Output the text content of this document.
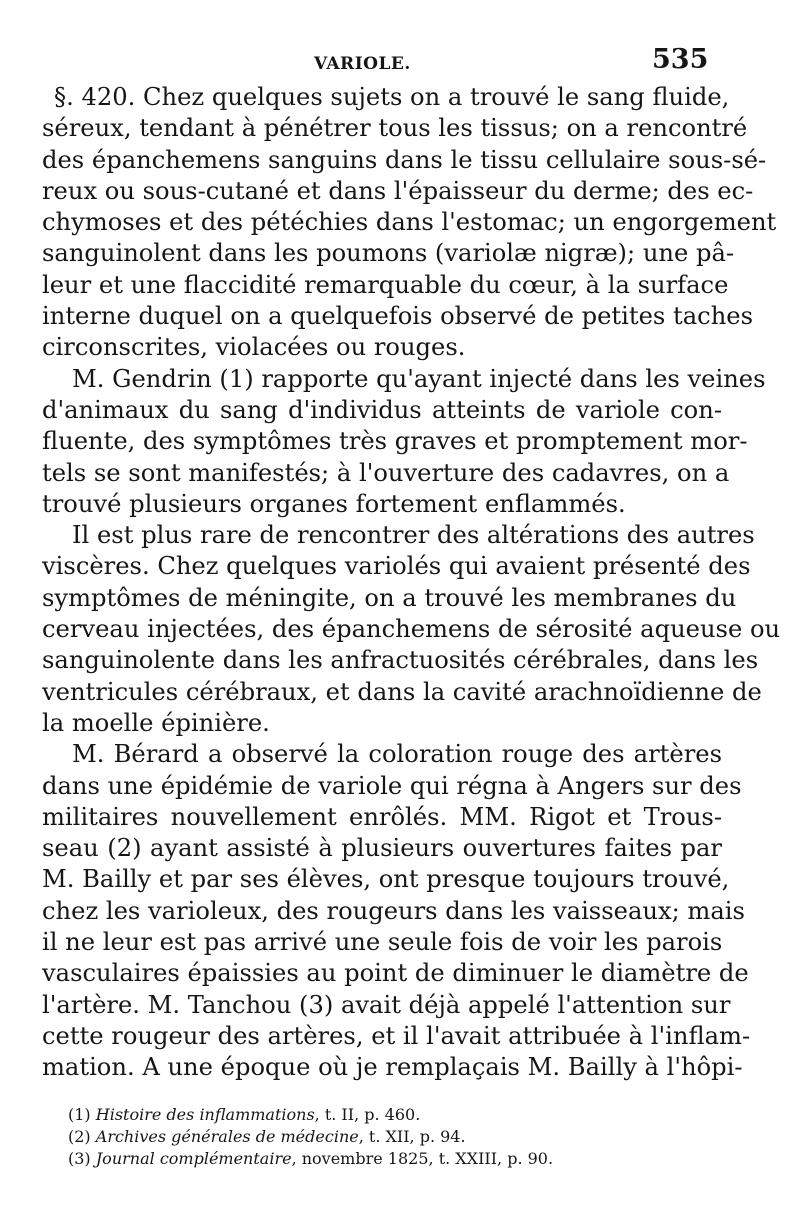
VARIOLE.	535
§. 420. Chez quelques sujets on a trouvé le sang fluide,
séreux, tendant à pénétrer tous les tissus; on a rencontré
des épanchemens sanguins dans le tissu cellulaire sous-sé-
reux ou sous-cutané et dans l'épaisseur du derme; des ec-
chymoses et des pétéchies dans l'estomac; un engorgement
sanguinolent dans les poumons (variolæ nigræ); une pâ-
leur et une flaccidité remarquable du cœur, à la surface
interne duquel on a quelquefois observé de petites taches
circonscrites, violacées ou rouges.
M. Gendrin (1) rapporte qu'ayant injecté dans les veines
d'animaux du sang d'individus atteints de variole con-
fluente, des symptômes très graves et promptement mor-
tels se sont manifestés; à l'ouverture des cadavres, on a
trouvé plusieurs organes fortement enflammés.
Il est plus rare de rencontrer des altérations des autres
viscères. Chez quelques variolés qui avaient présenté des
symptômes de méningite, on a trouvé les membranes du
cerveau injectées, des épanchemens de sérosité aqueuse ou
sanguinolente dans les anfractuosités cérébrales, dans les
ventricules cérébraux, et dans la cavité arachnoïdienne de
la moelle épinière.
M. Bérard a observé la coloration rouge des artères
dans une épidémie de variole qui régna à Angers sur des
militaires nouvellement enrôlés. MM. Rigot et Trous-
seau (2) ayant assisté à plusieurs ouvertures faites par
M. Bailly et par ses élèves, ont presque toujours trouvé,
chez les varioleux, des rougeurs dans les vaisseaux; mais
il ne leur est pas arrivé une seule fois de voir les parois
vasculaires épaissies au point de diminuer le diamètre de
l'artère. M. Tanchou (3) avait déjà appelé l'attention sur
cette rougeur des artères, et il l'avait attribuée à l'inflam-
mation. A une époque où je remplaçais M. Bailly à l'hôpi-
(1) Histoire des inflammations, t. II, p. 460.
(2) Archives générales de médecine, t. XII, p. 94.
(3) Journal complémentaire, novembre 1825, t. XXIII, p. 90.
